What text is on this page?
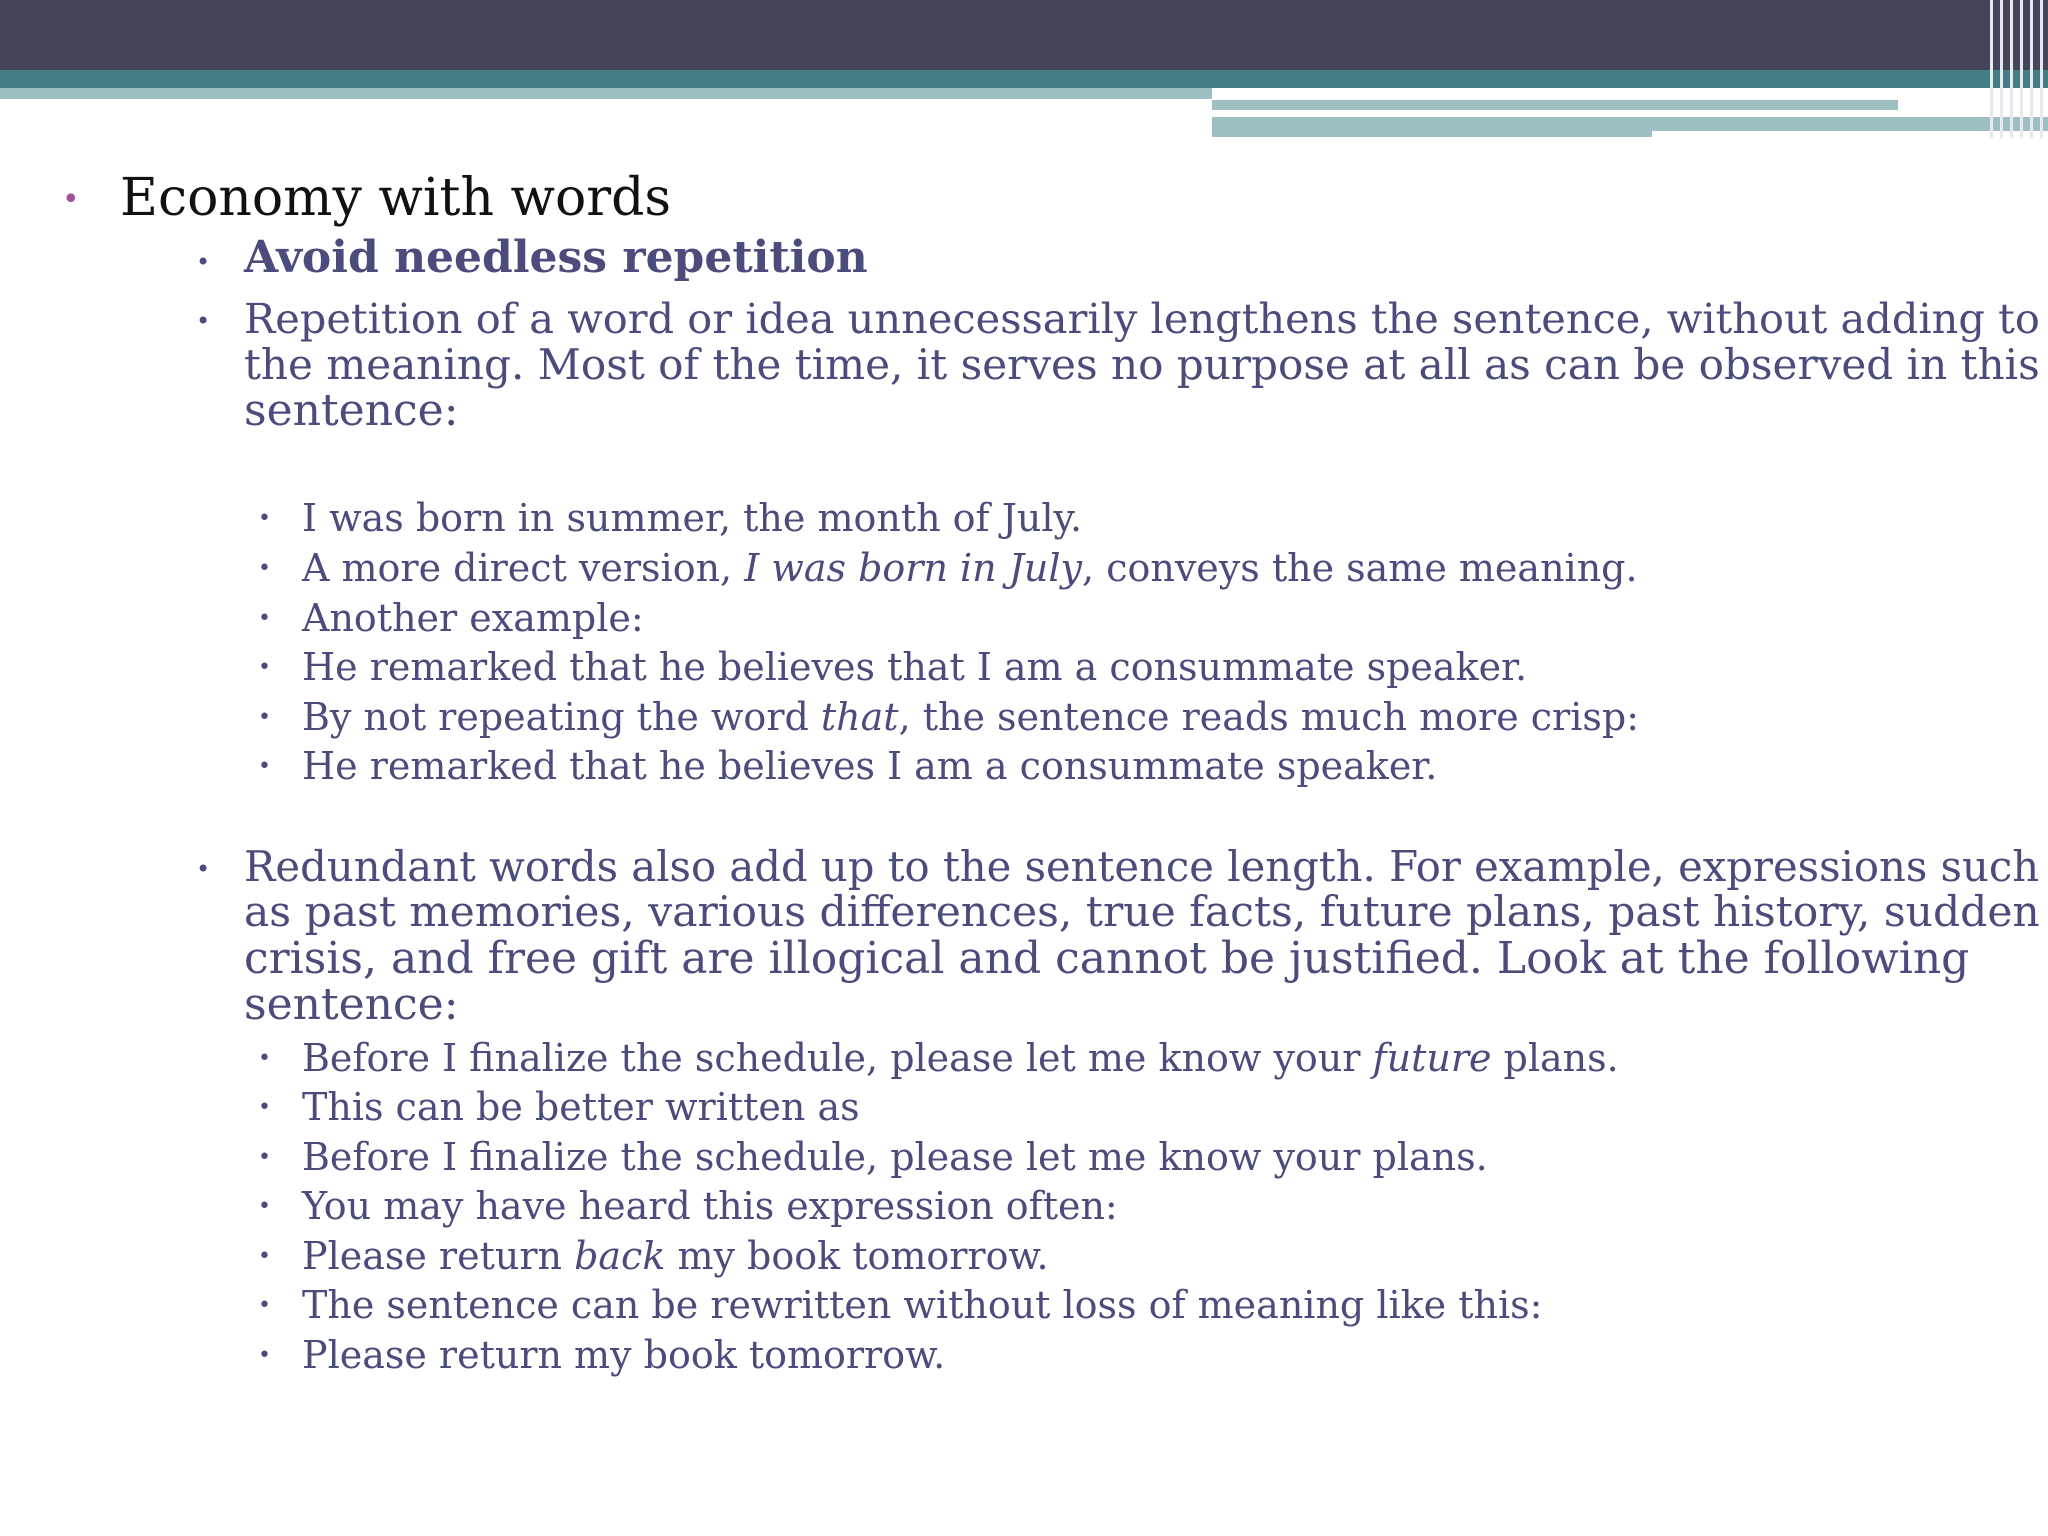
• Economy with words
• Avoid needless repetition
• Repetition of a word or idea unnecessarily lengthens the sentence, without adding to
the meaning. Most of the time, it serves no purpose at all as can be observed in this
sentence:
• I was born in summer, the month of July.
• A more direct version, I was born in July, conveys the same meaning.
• Another example:
• He remarked that he believes that I am a consummate speaker.
• By not repeating the word that, the sentence reads much more crisp:
• He remarked that he believes I am a consummate speaker.
• Redundant words also add up to the sentence length. For example, expressions such
as past memories, various differences, true facts, future plans, past history, sudden
crisis, and free gift are illogical and cannot be justified. Look at the following
sentence:
• Before I finalize the schedule, please let me know your future plans.
• This can be better written as
• Before I finalize the schedule, please let me know your plans.
• You may have heard this expression often:
• Please return back my book tomorrow.
• The sentence can be rewritten without loss of meaning like this:
• Please return my book tomorrow.
